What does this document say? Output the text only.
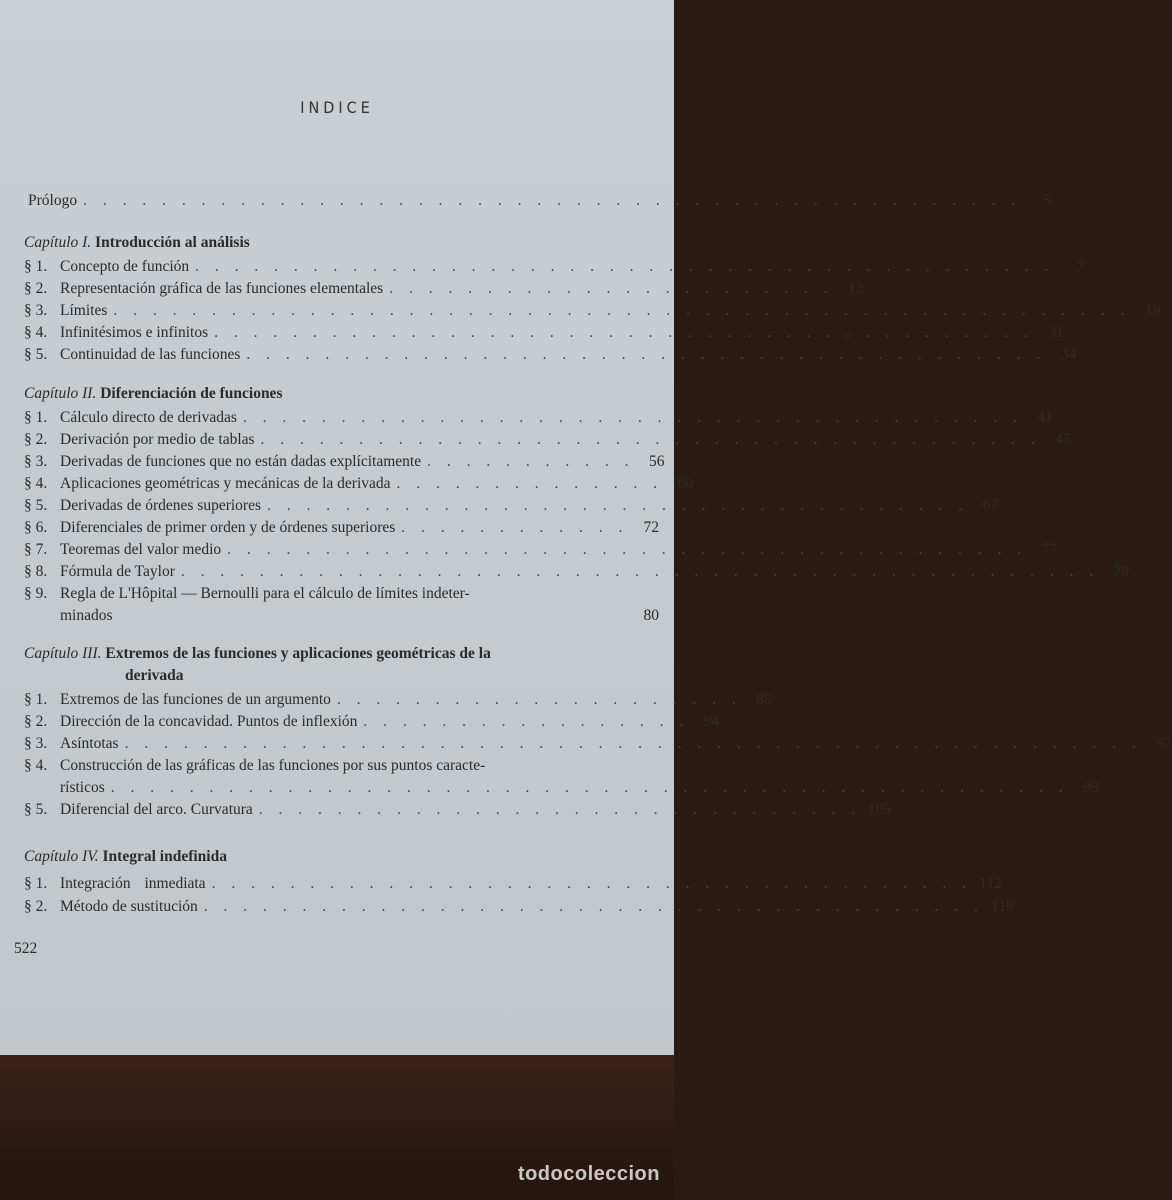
INDICE
Prólogo . . . . . . . . . . . . . . . . . . . . . . . . . . . . . . . . . . . . . . . . . . . . . . . .	5
Capítulo I.
Introducción al análisis
§ 1. Concepto de función . . . . . . . . . . . . . . . . . . . . . . . . . . . . . . . . . . . . . . . . . . . .	7
§ 2. Representación gráfica de las funciones elementales . . . . . . . . . . . . . . . . . . . . . . . 13
§ 3. Límites . . . . . . . . . . . . . . . . . . . . . . . . . . . . . . . . . . . . . . . . . . . . . . . . . . . . 19
§ 4. Infinitésimos e infinitos . . . . . . . . . . . . . . . . . . . . . . . . . . . . . . . . . . . . . . . . . . 31
§ 5. Continuidad de las funciones . . . . . . . . . . . . . . . . . . . . . . . . . . . . . . . . . . . . . . . . . 34
Capítulo II.
Diferenciación de funciones
§ 1. Cálculo directo de derivadas . . . . . . . . . . . . . . . . . . . . . . . . . . . . . . . . . . . . . . . . 41
§ 2. Derivación por medio de tablas . . . . . . . . . . . . . . . . . . . . . . . . . . . . . . . . . . . . . . . . 45
§ 3. Derivadas de funciones que no están dadas explícitamente . . . . . . . . . . . 56
§ 4. Aplicaciones geométricas y mecánicas de la derivada . . . . . . . . . . . . . . 60
§ 5. Derivadas de órdenes superiores . . . . . . . . . . . . . . . . . . . . . . . . . . . . . . . . . . . . 67
§ 6. Diferenciales de primer orden y de órdenes superiores . . . . . . . . . . . . 72
§ 7. Teoremas del valor medio . . . . . . . . . . . . . . . . . . . . . . . . . . . . . . . . . . . . . . . . . 77
§ 8. Fórmula de Taylor . . . . . . . . . . . . . . . . . . . . . . . . . . . . . . . . . . . . . . . . . . . . . . . 79
§ 9. Regla de L'Hôpital — Bernoulli para el cálculo de límites indeter-
minados	80
Capítulo III.
Extremos de las funciones y aplicaciones geométricas de la
derivada
§ 1. Extremos de las funciones de un argumento . . . . . . . . . . . . . . . . . . . . . 85
§ 2. Dirección de la concavidad. Puntos de inflexión . . . . . . . . . . . . . . . . . 94
§ 3. Asíntotas . . . . . . . . . . . . . . . . . . . . . . . . . . . . . . . . . . . . . . . . . . . . . . . . . . . . 97
§ 4. Construcción de las gráficas de las funciones por sus puntos caracte-
rísticos . . . . . . . . . . . . . . . . . . . . . . . . . . . . . . . . . . . . . . . . . . . . . . . . . 99
§ 5. Diferencial del arco. Curvatura . . . . . . . . . . . . . . . . . . . . . . . . . . . . . . . 105
Capítulo IV.
Integral indefinida
§ 1. Integración inmediata . . . . . . . . . . . . . . . . . . . . . . . . . . . . . . . . . . . . . . . 112
§ 2. Método de sustitución . . . . . . . . . . . . . . . . . . . . . . . . . . . . . . . . . . . . . . . . 119
522
todocoleccion
